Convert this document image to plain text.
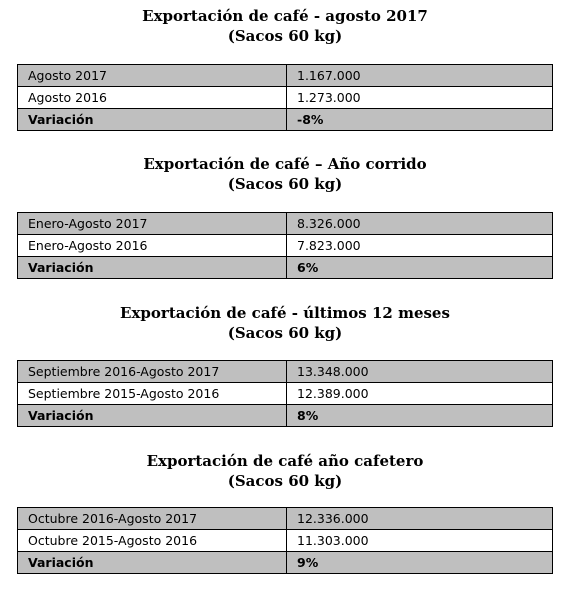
Exportación de café - agosto 2017
(Sacos 60 kg)

Agosto 2017	1.167.000
Agosto 2016	1.273.000
Variación	-8%

Exportación de café – Año corrido
(Sacos 60 kg)

Enero-Agosto 2017	8.326.000
Enero-Agosto 2016	7.823.000
Variación	6%

Exportación de café - últimos 12 meses
(Sacos 60 kg)

Septiembre 2016-Agosto 2017	13.348.000
Septiembre 2015-Agosto 2016	12.389.000
Variación	8%

Exportación de café año cafetero
(Sacos 60 kg)

Octubre 2016-Agosto 2017	12.336.000
Octubre 2015-Agosto 2016	11.303.000
Variación	9%
